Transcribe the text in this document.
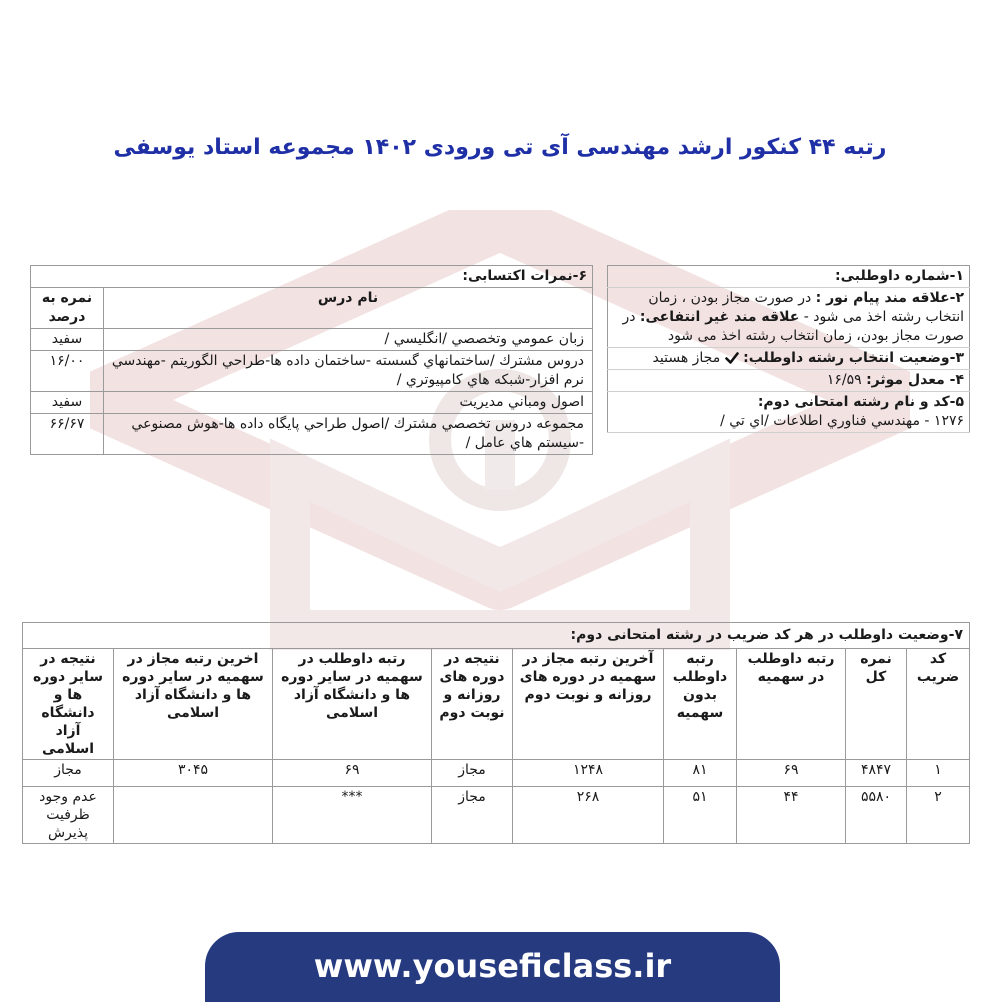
رتبه ۴۴ کنکور ارشد مهندسی آی تی ورودی ۱۴۰۲ مجموعه استاد یوسفی
۱-شماره داوطلبی:
۲-علاقه مند پیام نور : در صورت مجاز بودن ، زمان انتخاب رشته اخذ می شود - علاقه مند غیر انتفاعی: در صورت مجاز بودن، زمان انتخاب رشته اخذ می شود
۳-وضعیت انتخاب رشته داوطلب:  مجاز هستید
۴- معدل موثر: ۱۶/۵۹

۵-کد و نام رشته امتحانی دوم:
۱۲۷۶ - مهندسي فناوري اطلاعات /اي تي /
۶-نمرات اکتسابی:	
نام درس	نمره به درصد
زبان عمومي وتخصصي /انگليسي /	سفید
دروس مشترك /ساختمانهاي گسسته -ساختمان داده ها-طراحي الگوريتم -مهندسي نرم افزار-شبكه هاي كامپيوتري /	۱۶/۰۰
اصول ومباني مديريت	سفید
مجموعه دروس تخصصي مشترك /اصول طراحي پايگاه داده ها-هوش مصنوعي -سيستم هاي عامل /	۶۶/۶۷
۷-وضعیت داوطلب در هر کد ضریب در رشته امتحانی دوم:
کد ضریب	نمره کل	رتبه داوطلب در سهمیه	رتبه داوطلب بدون سهمیه	آخرین رتبه مجاز در سهمیه در دوره های روزانه و نوبت دوم	نتیجه در دوره های روزانه و نوبت دوم	رتبه داوطلب در سهمیه در سایر دوره ها و دانشگاه آزاد اسلامی	اخرین رتبه مجاز در سهمیه در سایر دوره ها و دانشگاه آزاد اسلامی	نتیجه در سایر دوره ها و دانشگاه آزاد اسلامی
۱	۴۸۴۷	۶۹	۸۱	۱۲۴۸	مجاز	۶۹	۳۰۴۵	مجاز
۲	۵۵۸۰	۴۴	۵۱	۲۶۸	مجاز	***		عدم وجود ظرفیت پذیرش
www.youseficlass.ir
